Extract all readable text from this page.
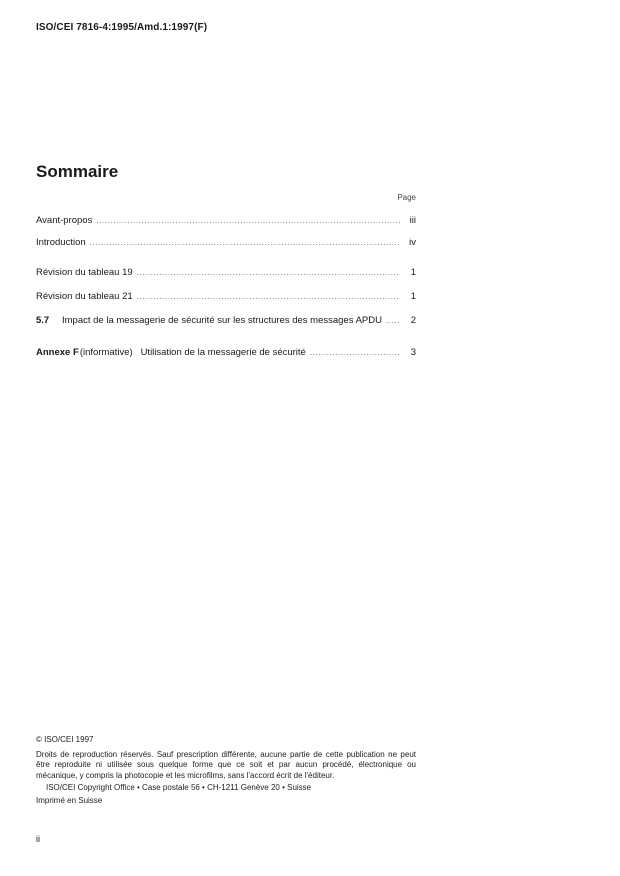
ISO/CEI 7816-4:1995/Amd.1:1997(F)
Sommaire
Page
Avant-propos .....	iii
Introduction .....	iv
Révision du tableau 19 .....	1
Révision du tableau 21 .....	1
5.7	Impact de la messagerie de sécurité sur les structures des messages APDU .....	2
Annexe F (informative)   Utilisation de la messagerie de sécurité .....	3
© ISO/CEI 1997
Droits de reproduction réservés. Sauf prescription différente, aucune partie de cette publication ne peut être reproduite ni utilisée sous quelque forme que ce soit et par aucun procédé, électronique ou mécanique, y compris la photocopie et les microfilms, sans l'accord écrit de l'éditeur.
ISO/CEI Copyright Office • Case postale 56 • CH-1211 Genève 20 • Suisse
Imprimé en Suisse
ii
